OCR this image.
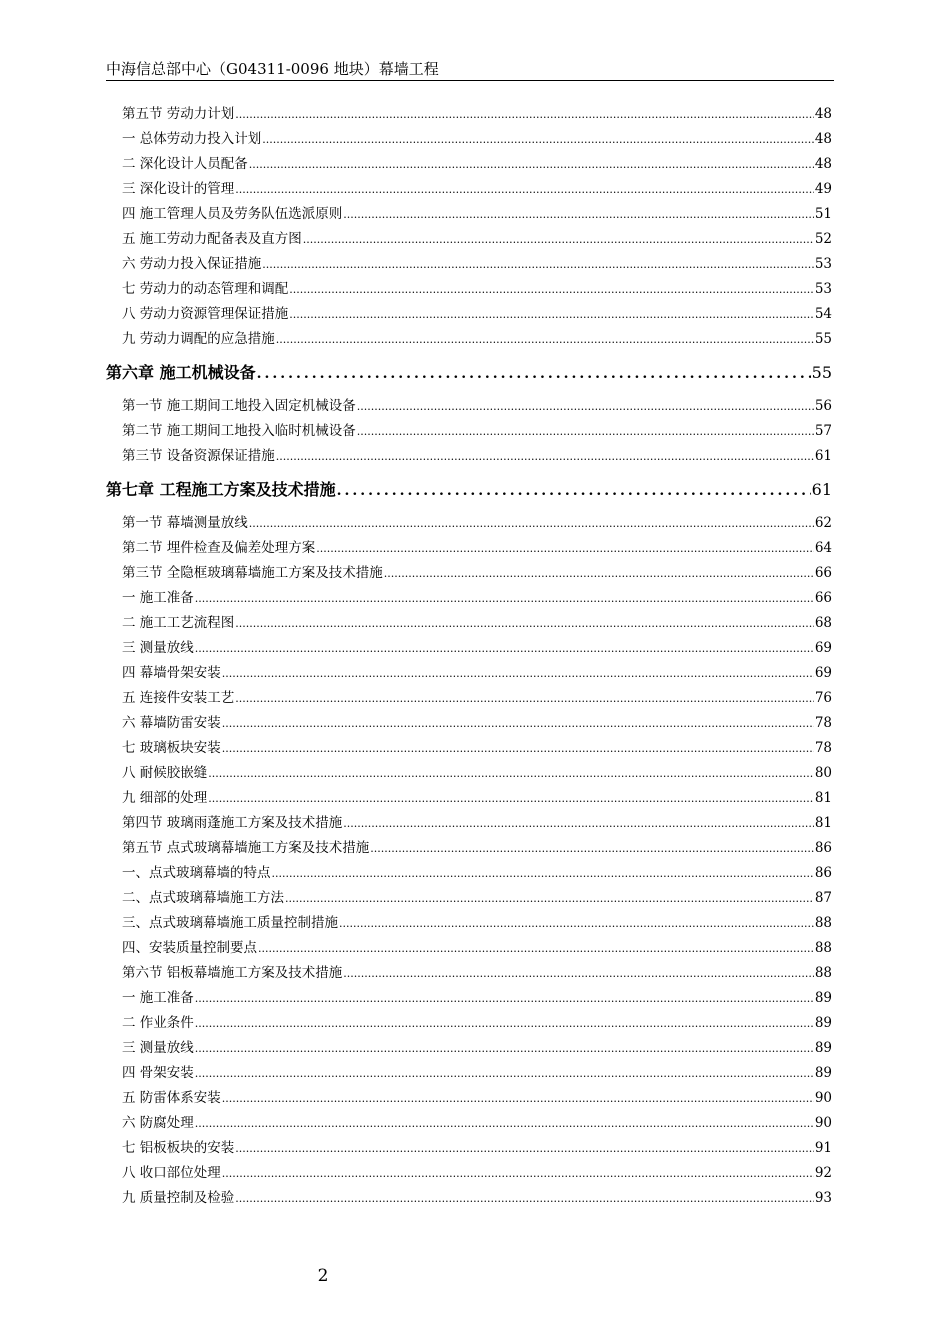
中海信总部中心（G04311-0096 地块）幕墙工程
第五节 劳动力计划 .....	48
一 总体劳动力投入计划 .....	48
二 深化设计人员配备 .....	48
三 深化设计的管理 .....	49
四 施工管理人员及劳务队伍选派原则 .....	51
五 施工劳动力配备表及直方图 .....	52
六 劳动力投入保证措施 .....	53
七 劳动力的动态管理和调配 .....	53
八 劳动力资源管理保证措施 .....	54
九 劳动力调配的应急措施 .....	55
第六章 施工机械设备 .....	55
第一节 施工期间工地投入固定机械设备 .....	56
第二节 施工期间工地投入临时机械设备 .....	57
第三节 设备资源保证措施 .....	61
第七章 工程施工方案及技术措施 .....	61
第一节 幕墙测量放线 .....	62
第二节 埋件检查及偏差处理方案 .....	64
第三节 全隐框玻璃幕墙施工方案及技术措施 .....	66
一 施工准备 .....	66
二 施工工艺流程图 .....	68
三 测量放线 .....	69
四 幕墙骨架安装 .....	69
五 连接件安装工艺 .....	76
六 幕墙防雷安装 .....	78
七 玻璃板块安装 .....	78
八 耐候胶嵌缝 .....	80
九 细部的处理 .....	81
第四节 玻璃雨蓬施工方案及技术措施 .....	81
第五节 点式玻璃幕墙施工方案及技术措施 .....	86
一、点式玻璃幕墙的特点 .....	86
二、点式玻璃幕墙施工方法 .....	87
三、点式玻璃幕墙施工质量控制措施 .....	88
四、安装质量控制要点 .....	88
第六节 铝板幕墙施工方案及技术措施 .....	88
一 施工准备 .....	89
二 作业条件 .....	89
三 测量放线 .....	89
四 骨架安装 .....	89
五 防雷体系安装 .....	90
六 防腐处理 .....	90
七 铝板板块的安装 .....	91
八 收口部位处理 .....	92
九 质量控制及检验 .....	93
2
